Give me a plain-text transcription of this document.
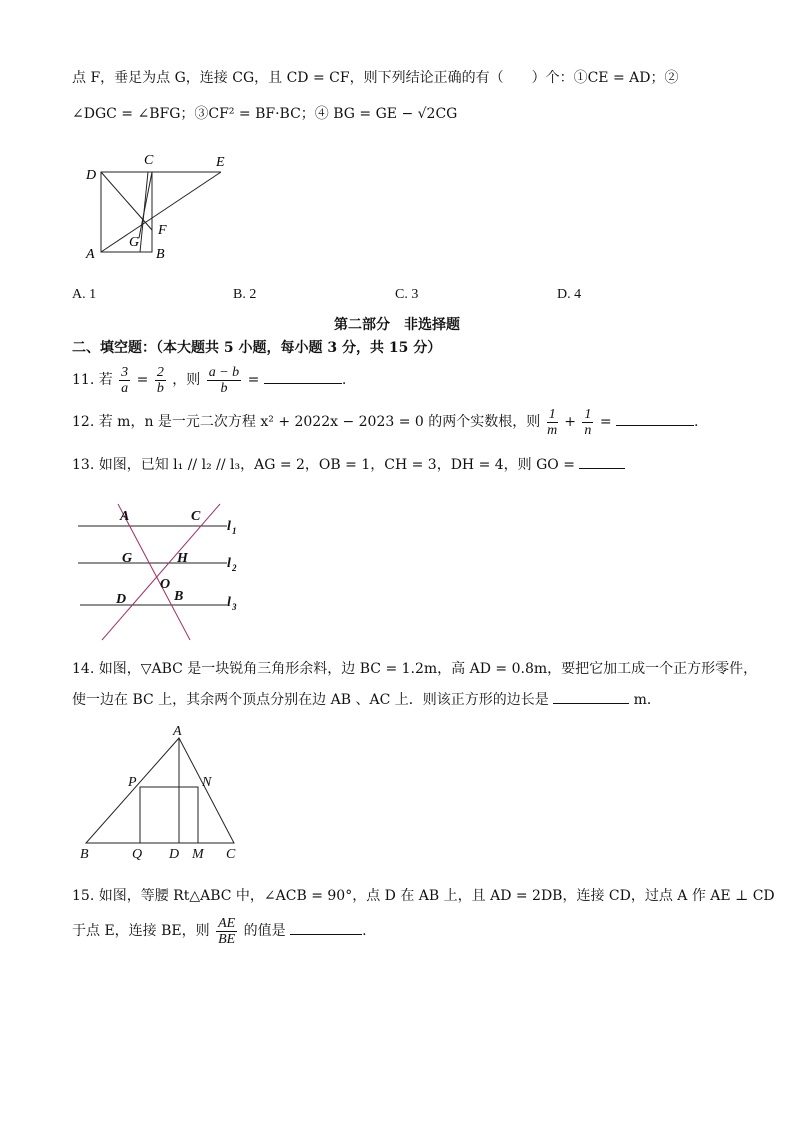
点 F，垂足为点 G，连接 CG，且 CD = CF，则下列结论正确的有（　　）个：①CE = AD；②
∠DGC = ∠BFG；③CF² = BF·BC；④ BG = GE − √2CG
D
C	E
F
G
A	B
A. 1	B. 2	C. 3	D. 4
第二部分　非选择题
二、填空题：（本大题共 5 小题，每小题 3 分，共 15 分）
11. 若 $\frac{3}{a} = \frac{2}{b}$ ，则 $\frac{a - b}{b}$ =	.
12. 若 m，n 是一元二次方程 x² + 2022x − 2023 = 0 的两个实数根，则 $\frac{1}{m} + \frac{1}{n}$ =	.
13. 如图，已知 l₁ // l₂ // l₃，AG = 2，OB = 1，CH = 3，DH = 4，则 GO =
A	C
G	H
O
D	B
l 1
l 2
l 3
14. 如图，▽ABC 是一块锐角三角形余料，边 BC = 1.2m，高 AD = 0.8m，要把它加工成一个正方形零件，
使一边在 BC 上，其余两个顶点分别在边 AB 、AC 上．则该正方形的边长是	m．
A
P	N
B	Q D M C
15. 如图，等腰 Rt△ABC 中，∠ACB = 90°，点 D 在 AB 上，且 AD = 2DB，连接 CD，过点 A 作 AE ⊥ CD
于点 E，连接 BE，则 $\frac{AE}{BE}$ 的值是	.
